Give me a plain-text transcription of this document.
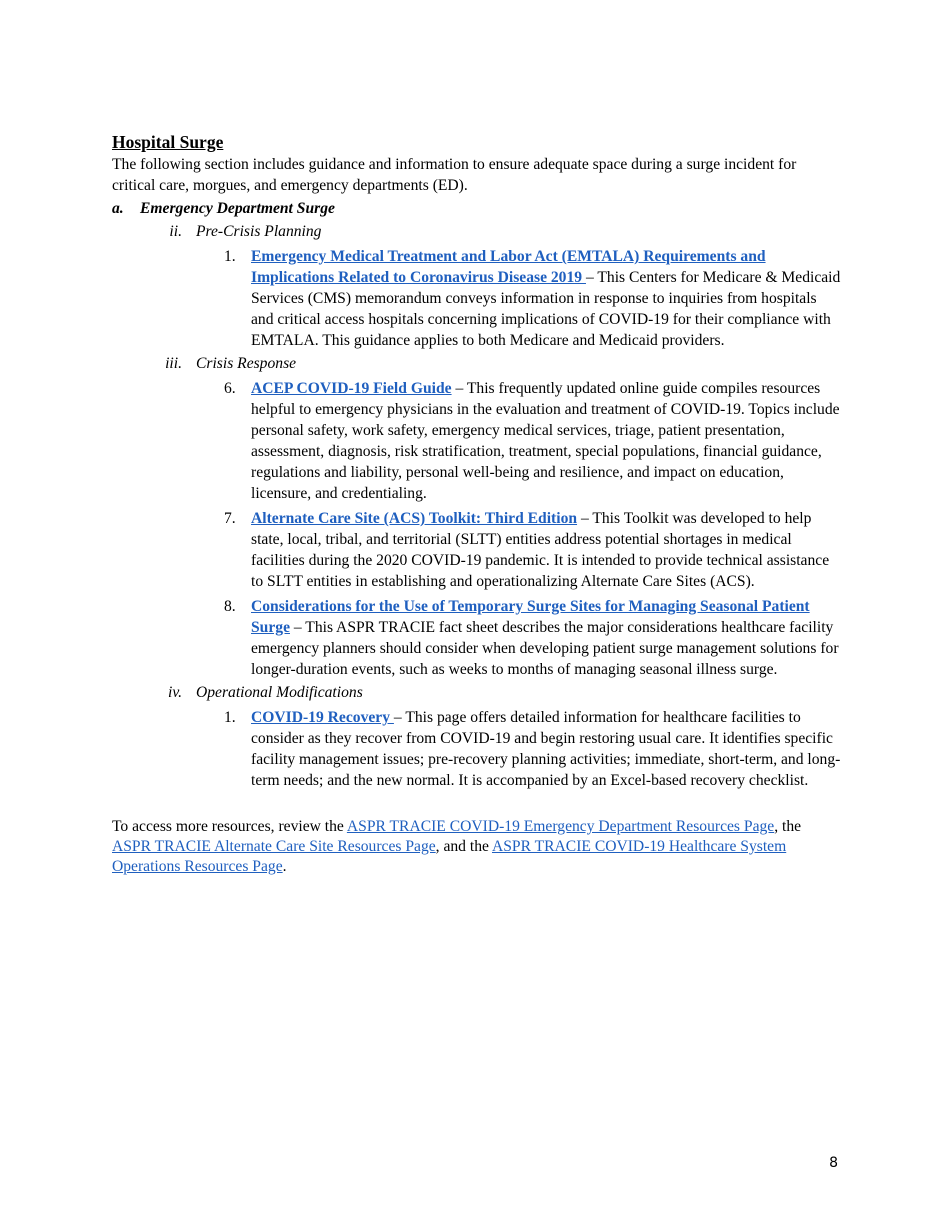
Hospital Surge

The following section includes guidance and information to ensure adequate space during a surge incident for critical care, morgues, and emergency departments (ED).

a. Emergency Department Surge
ii. Pre-Crisis Planning
1. Emergency Medical Treatment and Labor Act (EMTALA) Requirements and Implications Related to Coronavirus Disease 2019 – This Centers for Medicare & Medicaid Services (CMS) memorandum conveys information in response to inquiries from hospitals and critical access hospitals concerning implications of COVID-19 for their compliance with EMTALA. This guidance applies to both Medicare and Medicaid providers.
iii. Crisis Response
6. ACEP COVID-19 Field Guide – This frequently updated online guide compiles resources helpful to emergency physicians in the evaluation and treatment of COVID-19. Topics include personal safety, work safety, emergency medical services, triage, patient presentation, assessment, diagnosis, risk stratification, treatment, special populations, financial guidance, regulations and liability, personal well-being and resilience, and impact on education, licensure, and credentialing.
7. Alternate Care Site (ACS) Toolkit: Third Edition – This Toolkit was developed to help state, local, tribal, and territorial (SLTT) entities address potential shortages in medical facilities during the 2020 COVID-19 pandemic. It is intended to provide technical assistance to SLTT entities in establishing and operationalizing Alternate Care Sites (ACS).
8. Considerations for the Use of Temporary Surge Sites for Managing Seasonal Patient Surge – This ASPR TRACIE fact sheet describes the major considerations healthcare facility emergency planners should consider when developing patient surge management solutions for longer-duration events, such as weeks to months of managing seasonal illness surge.
iv. Operational Modifications
1. COVID-19 Recovery – This page offers detailed information for healthcare facilities to consider as they recover from COVID-19 and begin restoring usual care. It identifies specific facility management issues; pre-recovery planning activities; immediate, short-term, and long-term needs; and the new normal. It is accompanied by an Excel-based recovery checklist.

To access more resources, review the ASPR TRACIE COVID-19 Emergency Department Resources Page, the ASPR TRACIE Alternate Care Site Resources Page, and the ASPR TRACIE COVID-19 Healthcare System Operations Resources Page.

8
